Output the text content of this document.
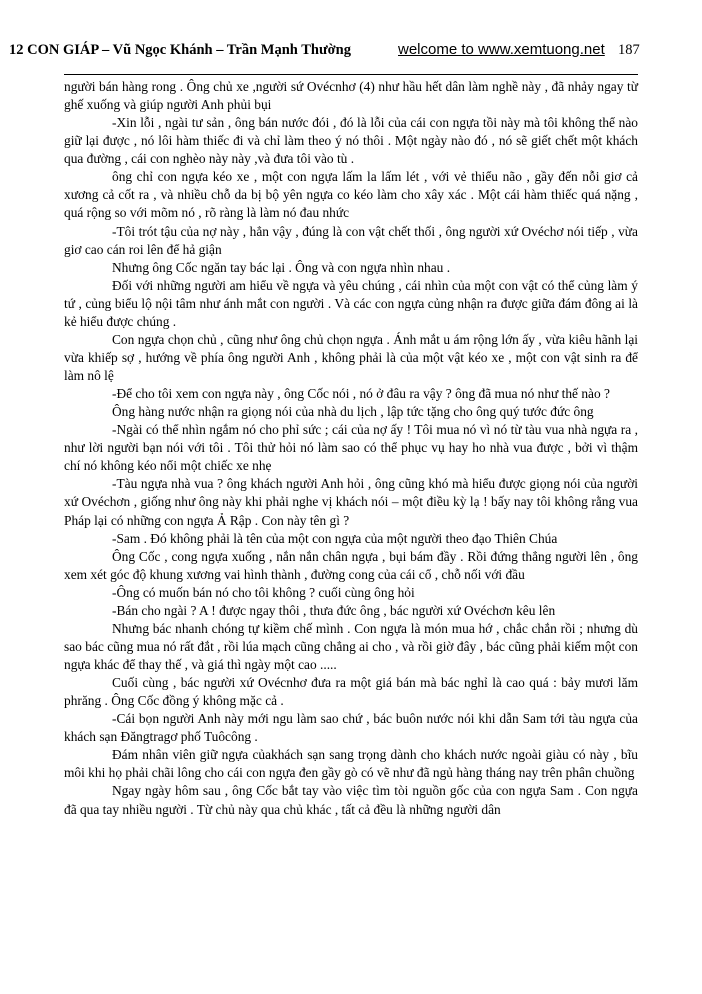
12 CON GIÁP – Vũ Ngọc Khánh – Trần Mạnh Thường	welcome to www.xemtuong.net 187

người bán hàng rong . Ông chủ xe ,người sứ Ovécnhơ (4) như hầu hết dân làm nghề này , đã nhảy ngay từ ghế xuống và giúp người Anh phủi bụi

-Xin lỗi , ngài tư sản , ông bán nước đói , đó là lỗi của cái con ngựa tồi này mà tôi không thể nào giữ lại được , nó lôi hàm thiếc đi và chỉ làm theo ý nó thôi . Một ngày nào đó , nó sẽ giết chết một khách qua đường , cái con nghèo này này ,và đưa tôi vào tù .

ông chỉ con ngựa kéo xe , một con ngựa lấm la lấm lét , với vẻ thiểu não , gầy đến nỗi giơ cả xương cả cốt ra , và nhiều chỗ da bị bộ yên ngựa co kéo làm cho xây xác . Một cái hàm thiếc quá nặng , quá rộng so với mõm nó , rõ ràng là làm nó đau nhức

-Tôi trót tậu của nợ này , hẳn vậy , đúng là con vật chết thối , ông người xứ Ovéchơ nói tiếp , vừa giơ cao cán roi lên để hả giận

Nhưng ông Cốc ngăn tay bác lại . Ông và con ngựa nhìn nhau .

Đối với những người am hiểu về ngựa và yêu chúng , cái nhìn của một con vật có thể củng làm ý tứ , củng biểu lộ nội tâm như ánh mắt con người . Và các con ngựa củng nhận ra được giữa đám đông ai là kẻ hiểu được chúng .

Con ngựa chọn chủ , cũng như ông chủ chọn ngựa . Ánh mắt u ám rộng lớn ấy , vừa kiêu hãnh lại vừa khiếp sợ , hướng về phía ông người Anh , không phải là của một vật kéo xe , một con vật sinh ra để làm nô lệ

-Để cho tôi xem con ngựa này , ông Cốc nói , nó ở đâu ra vậy ? ông đã mua nó như thế nào ?

Ông hàng nước nhận ra giọng nói của nhà du lịch , lập tức tặng cho ông quý tước đức ông

-Ngài có thể nhìn ngắm nó cho phỉ sức ; cái của nợ ấy ! Tôi mua nó vì nó từ tàu vua nhà ngựa ra , như lời người bạn nói với tôi . Tôi thử hỏi nó làm sao có thể phục vụ hay ho nhà vua được , bởi vì thậm chí nó không kéo nổi một chiếc xe nhẹ

-Tàu ngựa nhà vua ? ông khách người Anh hỏi , ông cũng khó mà hiểu được giọng nói của người xứ Ovéchơn , giống như ông này khi phải nghe vị khách nói – một điều kỳ lạ ! bấy nay tôi không rằng vua Pháp lại có những con ngựa Ả Rập . Con này tên gì ?

-Sam . Đó không phải là tên của một con ngựa của một người theo đạo Thiên Chúa

Ông Cốc , cong ngựa xuống , nắn nắn chân ngựa , bụi bám đầy . Rồi đứng thẳng người lên , ông xem xét góc độ khung xương vai hình thành , đường cong của cái cổ , chỗ nối với đầu

-Ông có muốn bán nó cho tôi không ? cuối cùng ông hỏi

-Bán cho ngài ? A ! được ngay thôi , thưa đức ông , bác người xứ Ovéchơn kêu lên

Nhưng bác nhanh chóng tự kiềm chế mình . Con ngựa là món mua hớ , chắc chắn rồi ; nhưng dù sao bác cũng mua nó rất đắt , rồi lúa mạch cũng chẳng ai cho , và rồi giờ đây , bác cũng phải kiếm một con ngựa khác để thay thế , và giá thì ngày một cao .....

Cuối cùng , bác người xứ Ovécnhơ đưa ra một giá bán mà bác nghỉ là cao quá : bảy mươi lăm phrăng . Ông Cốc đồng ý không mặc cả .

-Cái bọn người Anh này mới ngu làm sao chứ , bác buôn nước nói khi dẫn Sam tới tàu ngựa của khách sạn Đăngtragơ phố Tuôcông .

Đám nhân viên giữ ngựa củakhách sạn sang trọng dành cho khách nước ngoài giàu có này , bĩu môi khi họ phải chãi lông cho cái con ngựa đen gầy gò có vẽ như đã ngủ hàng tháng nay trên phân chuồng

Ngay ngày hôm sau , ông Cốc bắt tay vào việc tìm tòi nguồn gốc của con ngựa Sam . Con ngựa đã qua tay nhiều người . Từ chủ này qua chủ khác , tất cả đều là những người dân
